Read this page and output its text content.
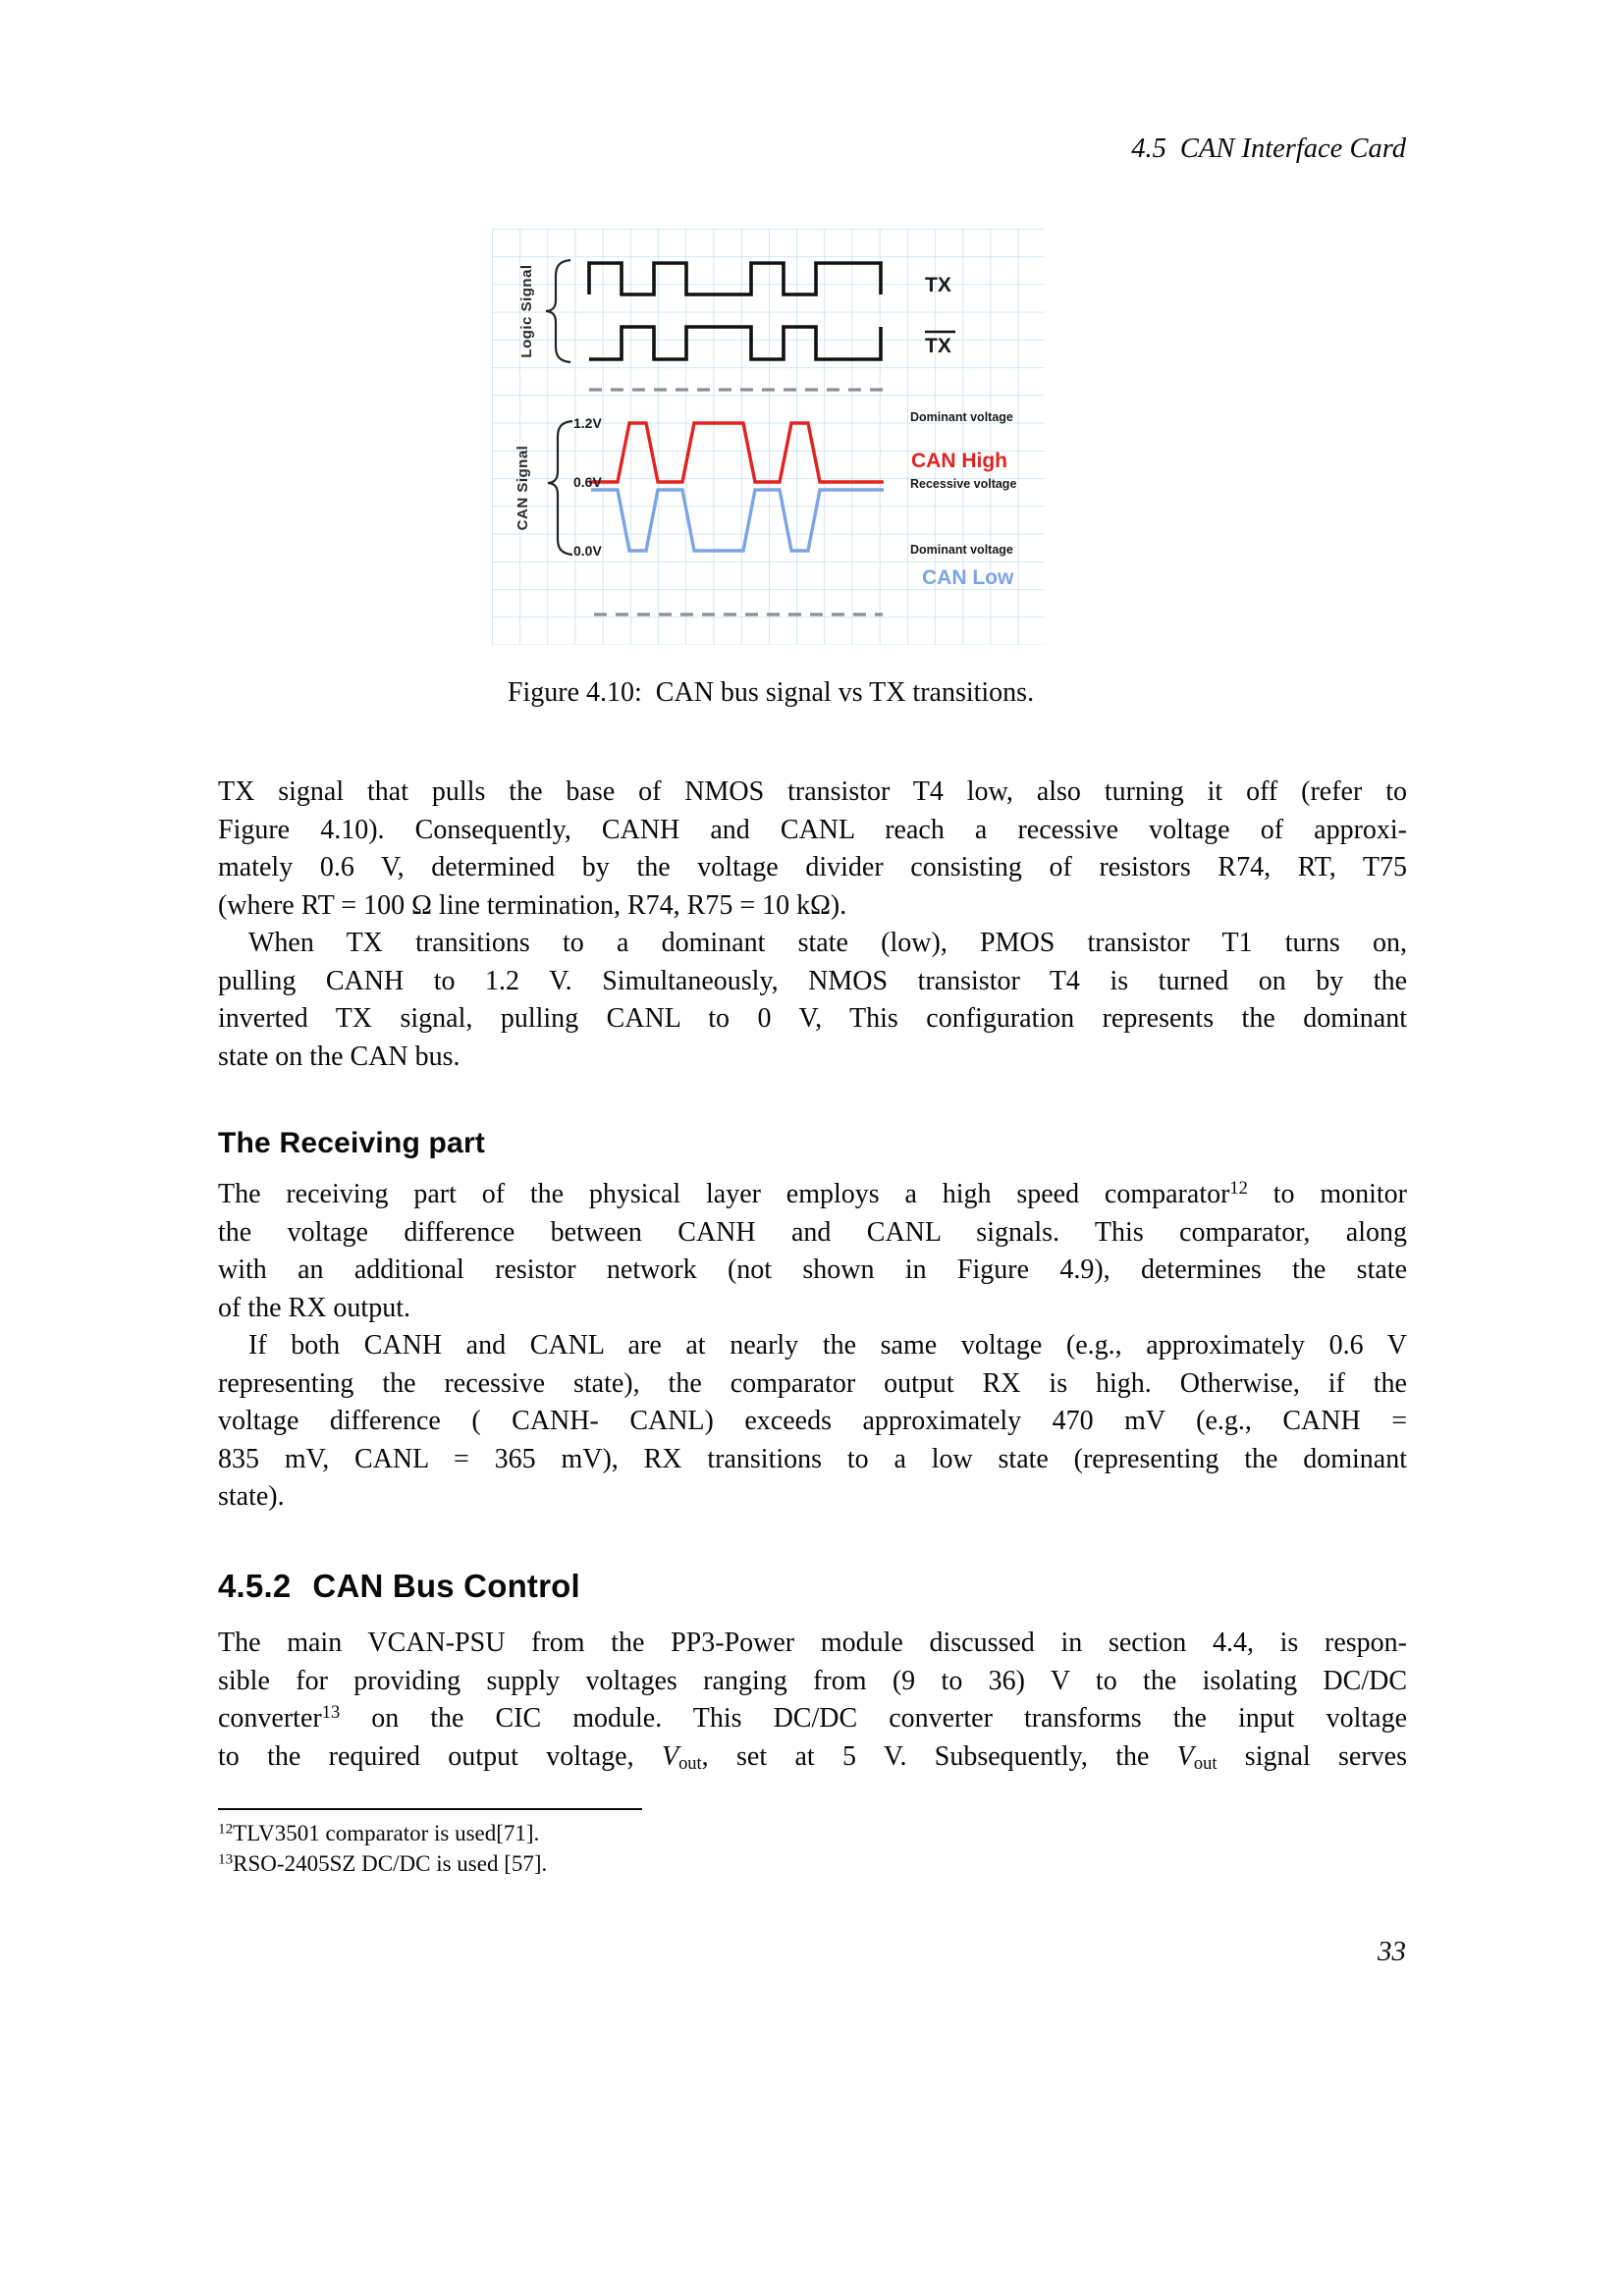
4.5 CAN Interface Card
Logic Signal
CAN Signal
1.2V
0.6V
0.0V
TX
TX
Dominant voltage
CAN High
Recessive voltage
Dominant voltage
CAN Low
Figure 4.10:  CAN bus signal vs TX transitions.
TX signal that pulls the base of NMOS transistor T4 low, also turning it off (refer to
Figure 4.10). Consequently, CANH and CANL reach a recessive voltage of approxi-
mately 0.6 V, determined by the voltage divider consisting of resistors R74, RT, T75
(where RT = 100 Ω line termination, R74, R75 = 10 kΩ).
When TX transitions to a dominant state (low), PMOS transistor T1 turns on,
pulling CANH to 1.2 V. Simultaneously, NMOS transistor T4 is turned on by the
inverted TX signal, pulling CANL to 0 V, This configuration represents the dominant
state on the CAN bus.
The Receiving part
The receiving part of the physical layer employs a high speed comparator$^{12}$ to monitor
the voltage difference between CANH and CANL signals. This comparator, along
with an additional resistor network (not shown in Figure 4.9), determines the state
of the RX output.
If both CANH and CANL are at nearly the same voltage (e.g., approximately 0.6 V
representing the recessive state), the comparator output RX is high. Otherwise, if the
voltage difference ( CANH- CANL) exceeds approximately 470 mV (e.g., CANH =
835 mV, CANL = 365 mV), RX transitions to a low state (representing the dominant
state).
4.5.2 CAN Bus Control
The main VCAN-PSU from the PP3-Power module discussed in section 4.4, is respon-
sible for providing supply voltages ranging from (9 to 36) V to the isolating DC/DC
converter$^{13}$ on the CIC module. This DC/DC converter transforms the input voltage
to the required output voltage, $V_{out}$, set at 5 V. Subsequently, the $V_{out}$ signal serves
$^{12}$TLV3501 comparator is used[71].
$^{13}$RSO-2405SZ DC/DC is used [57].
33
